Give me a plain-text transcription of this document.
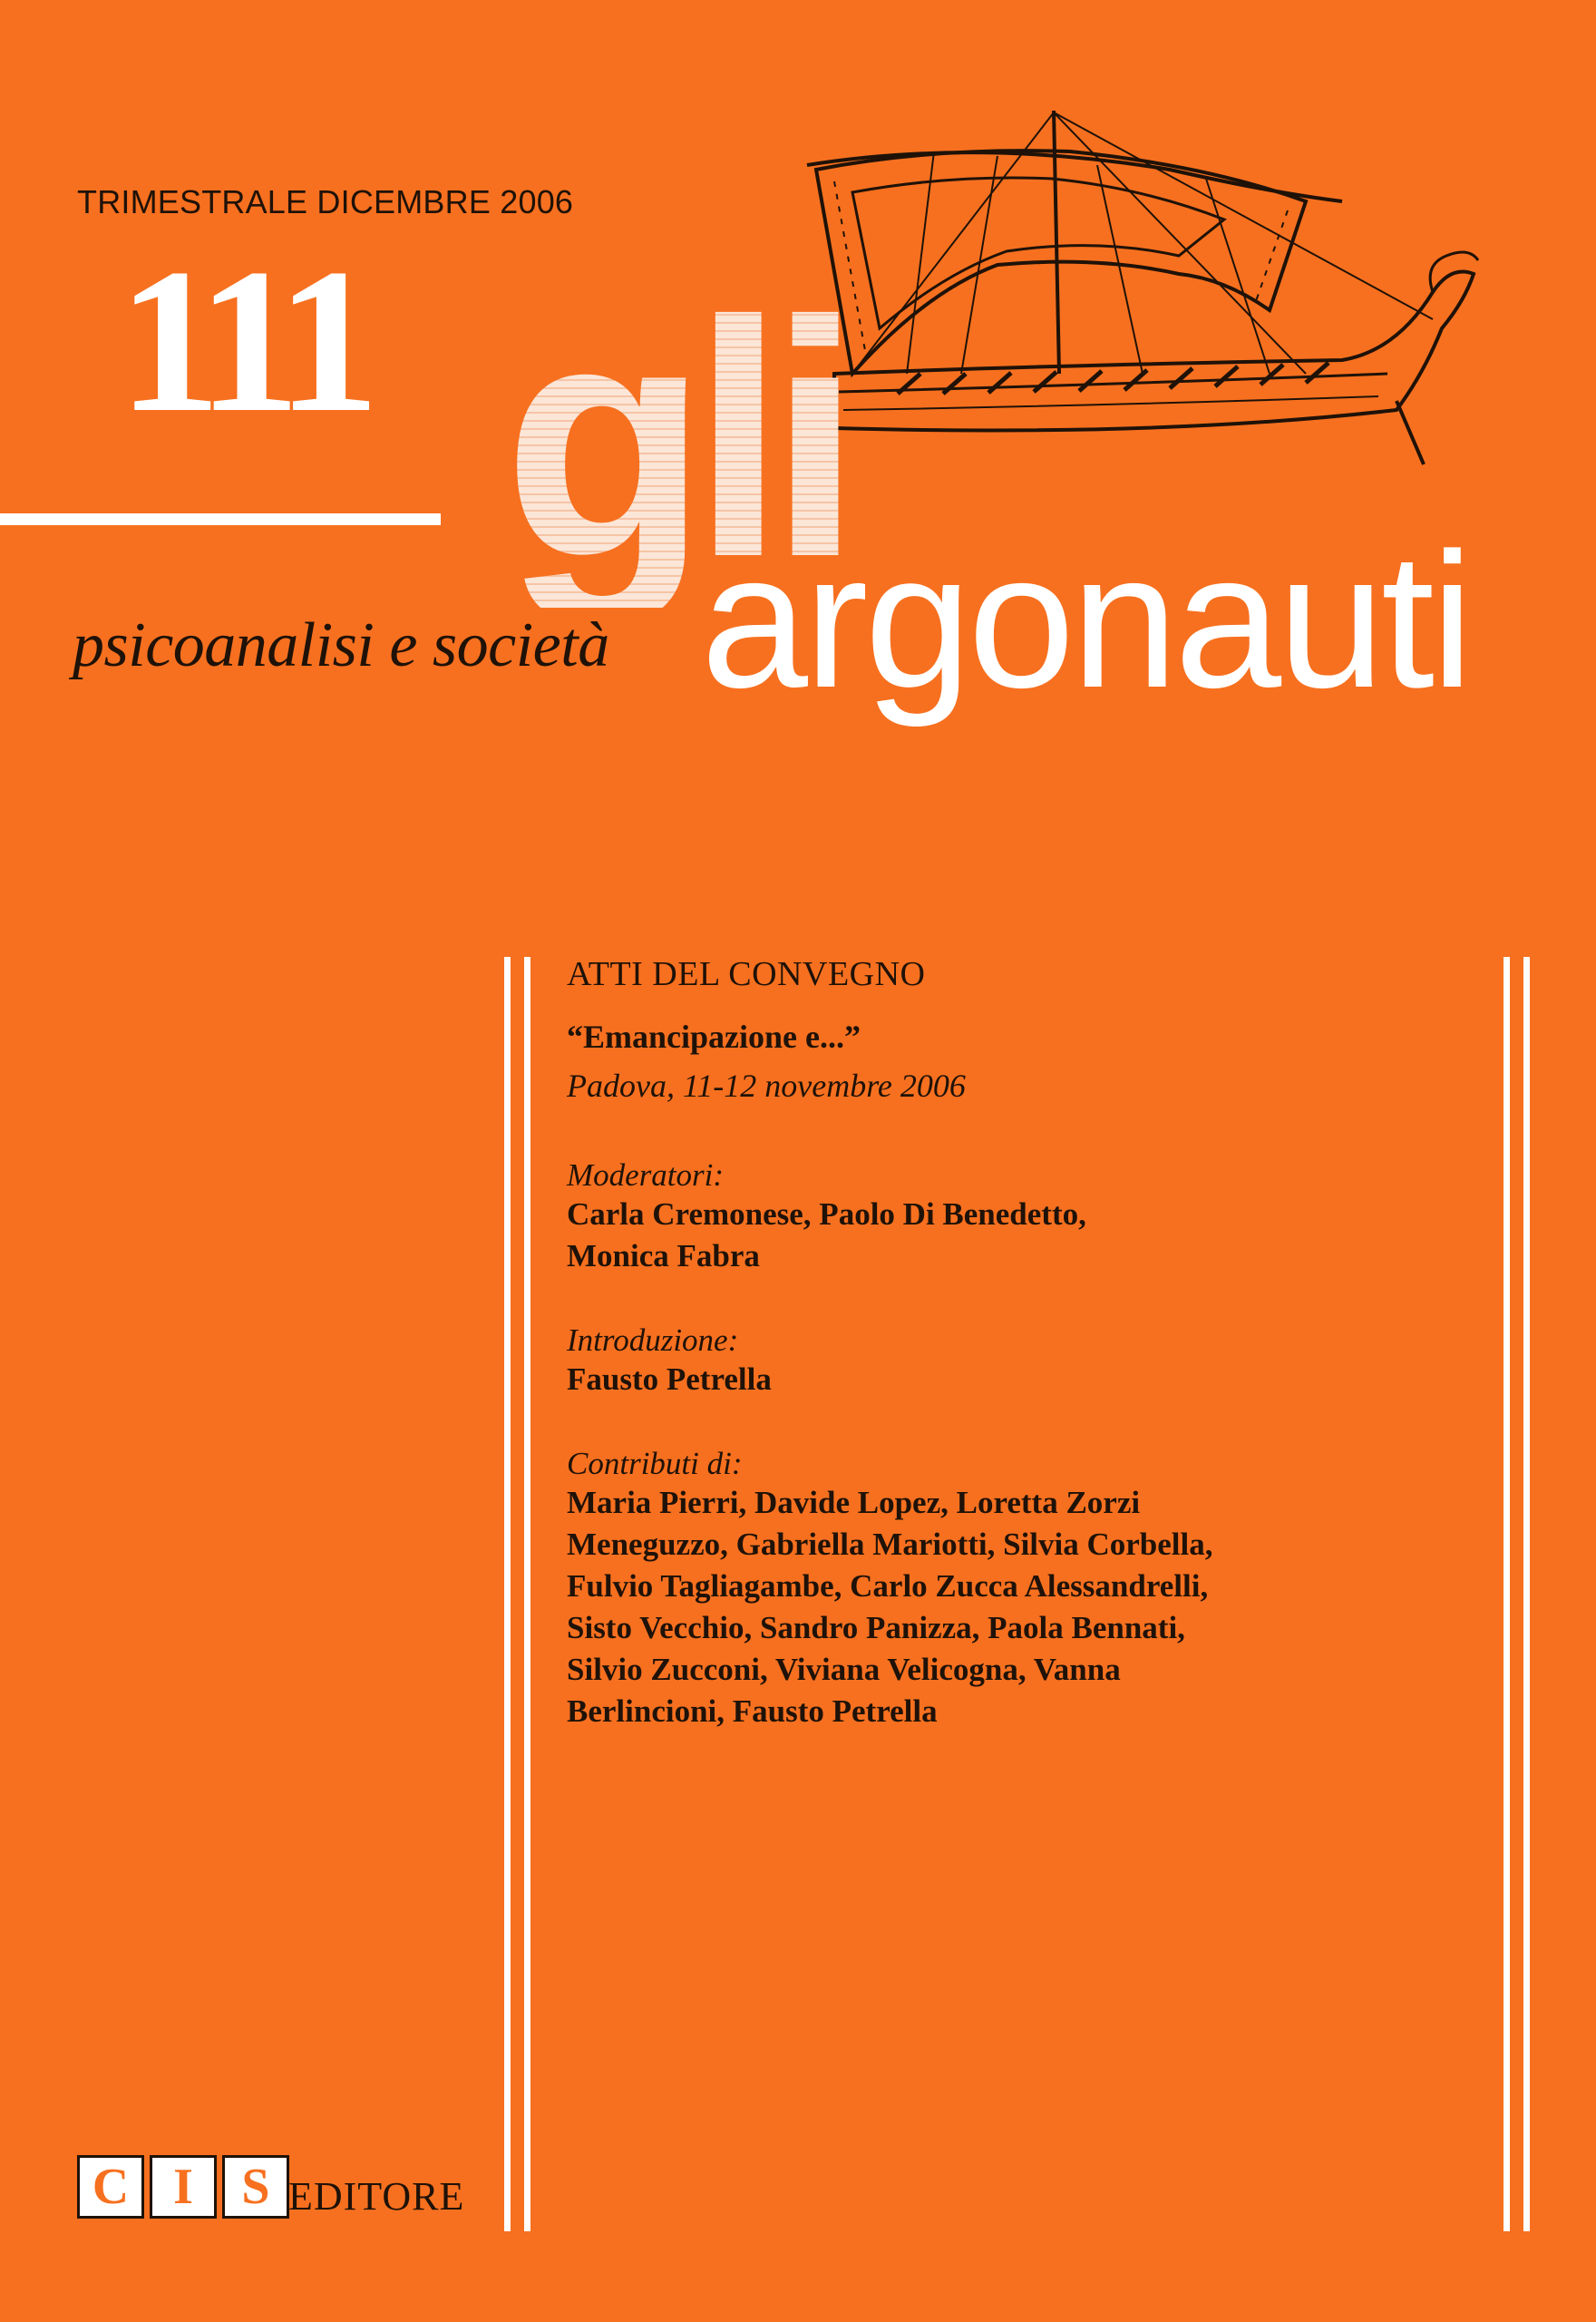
TRIMESTRALE DICEMBRE 2006
111 gli
argonauti
psicoanalisi e società

ATTI DEL CONVEGNO

“Emancipazione e...”

Padova, 11-12 novembre 2006

Moderatori:

Carla Cremonese, Paolo Di Benedetto,

Monica Fabra

Introduzione:

Fausto Petrella

Contributi di:

Maria Pierri, Davide Lopez, Loretta Zorzi

Meneguzzo, Gabriella Mariotti, Silvia Corbella,

Fulvio Tagliagambe, Carlo Zucca Alessandrelli,

Sisto Vecchio, Sandro Panizza, Paola Bennati,

Silvio Zucconi, Viviana Velicogna, Vanna

Berlincioni, Fausto Petrella

C I S EDITORE
